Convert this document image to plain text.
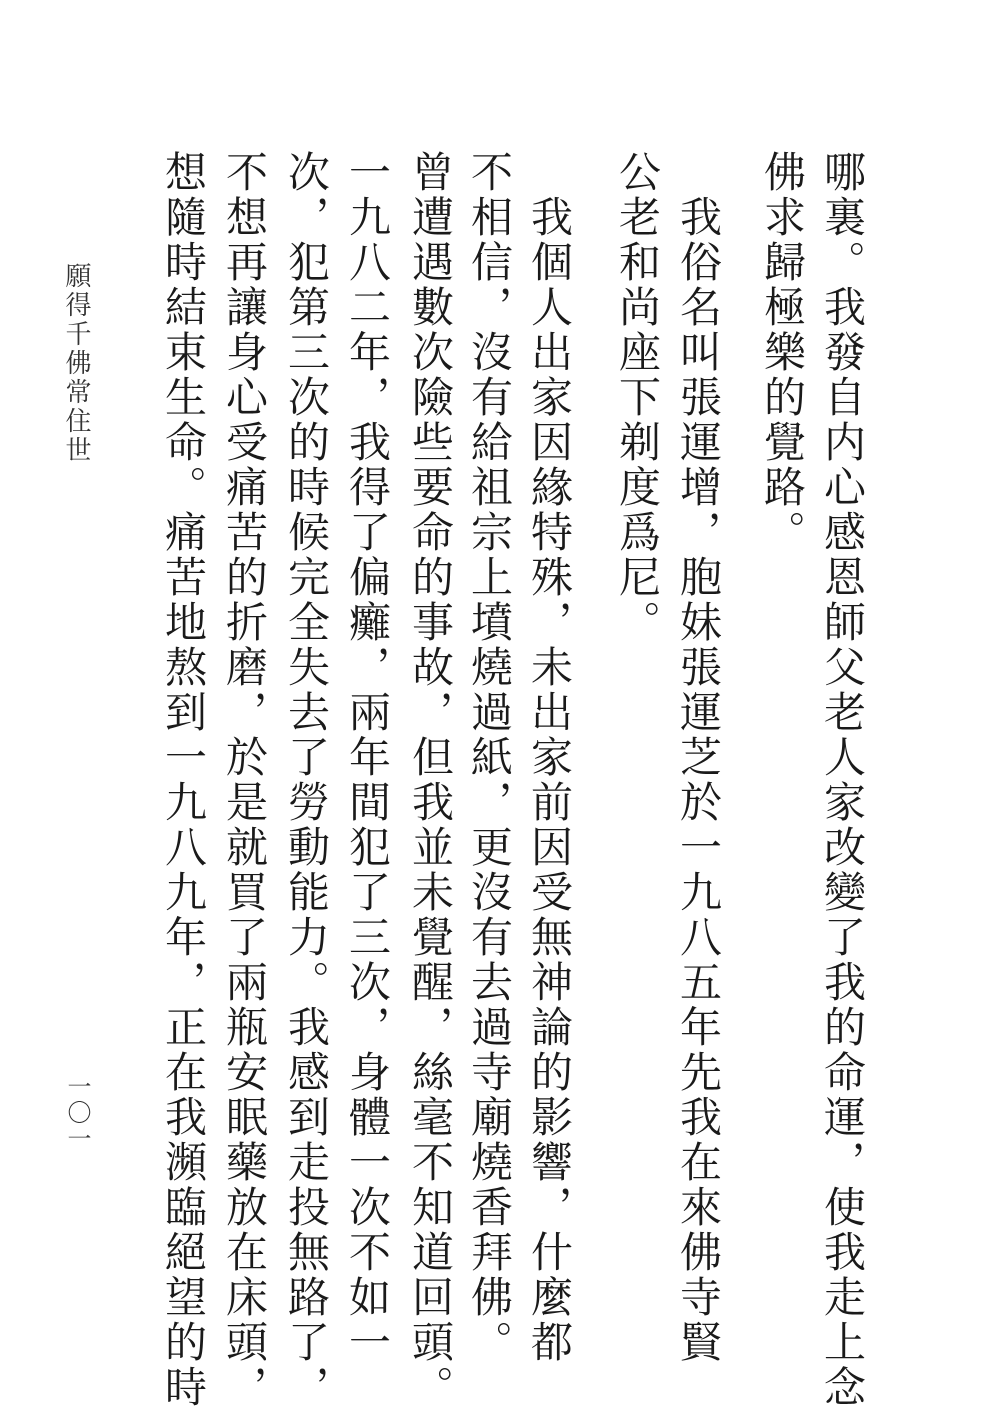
哪裏。我發自内心感恩師父老人家改變了我的命運，使我走上念
佛求歸極樂的覺路。
　我俗名叫張運增，胞妹張運芝於一九八五年先我在來佛寺賢
公老和尚座下剃度爲尼。
　我個人出家因緣特殊，未出家前因受無神論的影響，什麼都
不相信，沒有給祖宗上墳燒過紙，更沒有去過寺廟燒香拜佛。
曾遭遇數次險些要命的事故，但我並未覺醒，絲毫不知道回頭。
一九八二年，我得了偏癱，兩年間犯了三次，身體一次不如一
次，犯第三次的時候完全失去了勞動能力。我感到走投無路了，
不想再讓身心受痛苦的折磨，於是就買了兩瓶安眠藥放在床頭，
想隨時結束生命。痛苦地熬到一九八九年，正在我瀕臨絕望的時
願得千佛常住世
一〇一
